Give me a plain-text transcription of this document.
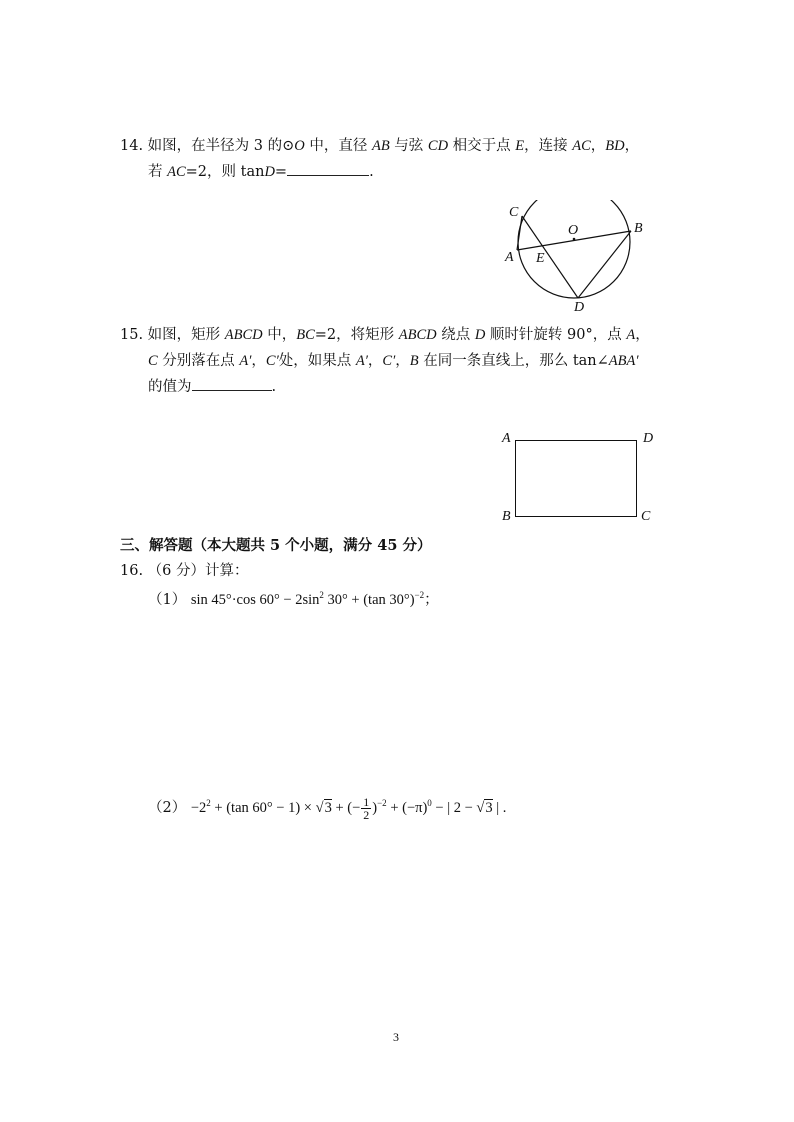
14. 如图，在半径为 3 的⊙O 中，直径 AB 与弦 CD 相交于点 E，连接 AC，BD，
若 AC=2，则 tanD=	.
C
O	B
A E
D
15. 如图，矩形 ABCD 中，BC=2，将矩形 ABCD 绕点 D 顺时针旋转 90°，点 A，
C 分别落在点 A′，C′处，如果点 A′，C′，B 在同一条直线上，那么 tan∠ABA′
的值为	.
A	D
B	C
三、解答题（本大题共 5 个小题，满分 45 分）
16. （6 分）计算：
（1） sin 45°·cos $60^\circ - 2\sin^2$ 30° + (tan 30°)$^{-2}$；
$(2) -2^2 + (\tan$ 60° − 1) × √3 + (− $\frac{1}{2} )^{-2} + (-\pi)^0$ − | 2 − √3 | .
3
